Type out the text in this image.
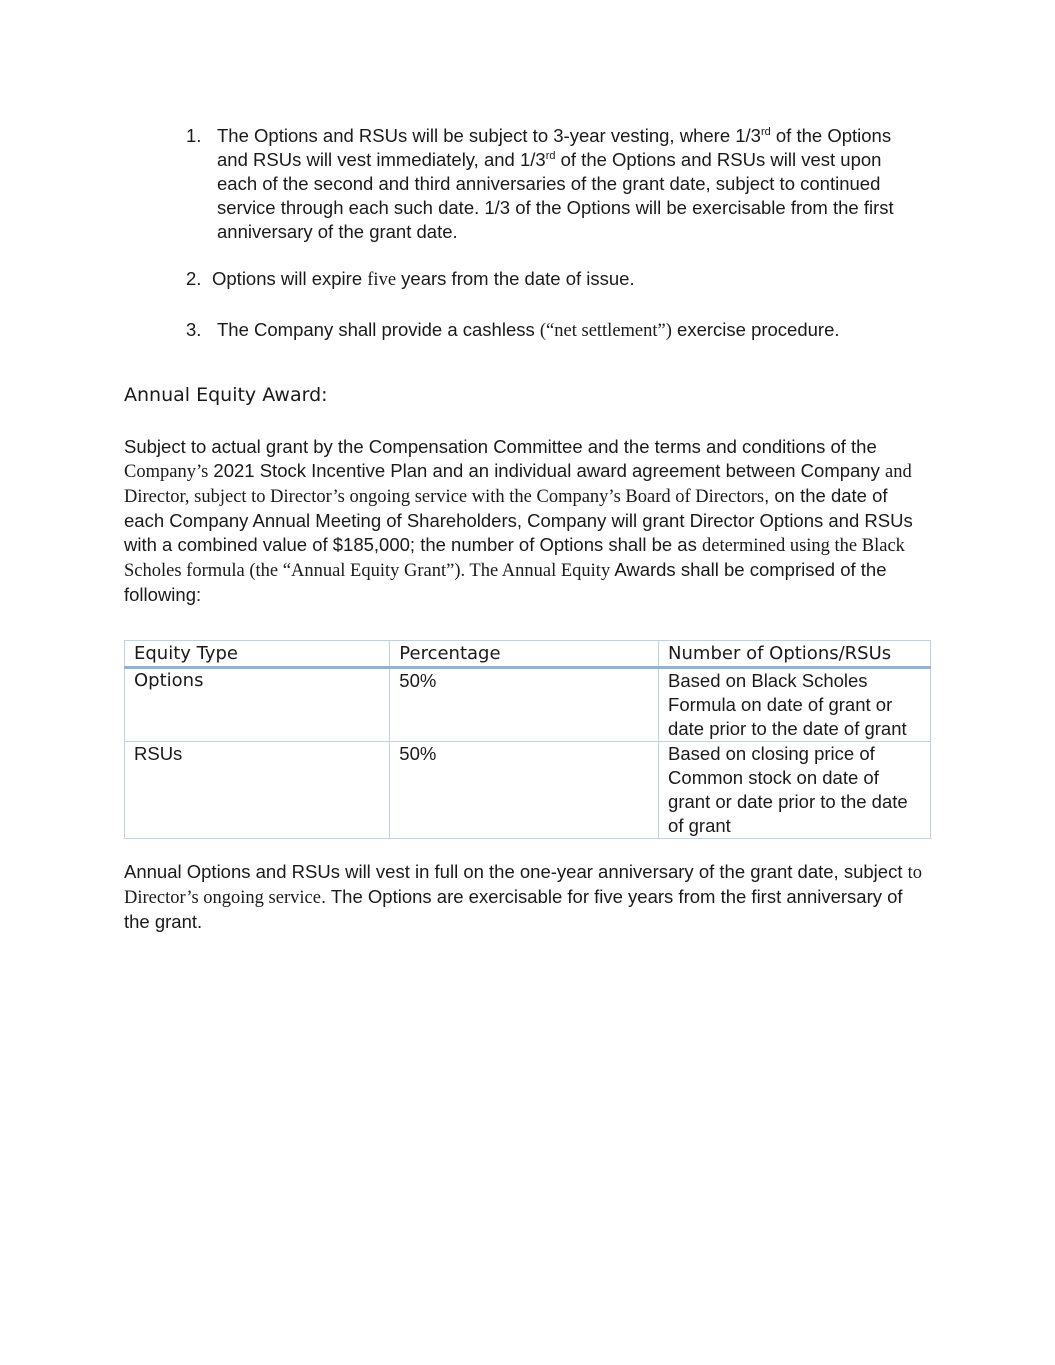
1. The Options and RSUs will be subject to 3-year vesting, where 1/3rd of the Options and RSUs will vest immediately, and 1/3rd of the Options and RSUs will vest upon each of the second and third anniversaries of the grant date, subject to continued service through each such date. 1/3 of the Options will be exercisable from the first anniversary of the grant date.
2. Options will expire five years from the date of issue.
3. The Company shall provide a cashless (“net settlement”) exercise procedure.
Annual Equity Award:

Subject to actual grant by the Compensation Committee and the terms and conditions of the Company’s 2021 Stock Incentive Plan and an individual award agreement between Company and Director, subject to Director’s ongoing service with the Company’s Board of Directors, on the date of each Company Annual Meeting of Shareholders, Company will grant Director Options and RSUs with a combined value of $185,000; the number of Options shall be as determined using the Black Scholes formula (the “Annual Equity Grant”). The Annual Equity Awards shall be comprised of the following:

Equity Type	Percentage	Number of Options/RSUs
Options	50%	Based on Black Scholes Formula on date of grant or date prior to the date of grant
RSUs	50%	Based on closing price of Common stock on date of grant or date prior to the date of grant

Annual Options and RSUs will vest in full on the one-year anniversary of the grant date, subject to Director’s ongoing service. The Options are exercisable for five years from the first anniversary of the grant.
